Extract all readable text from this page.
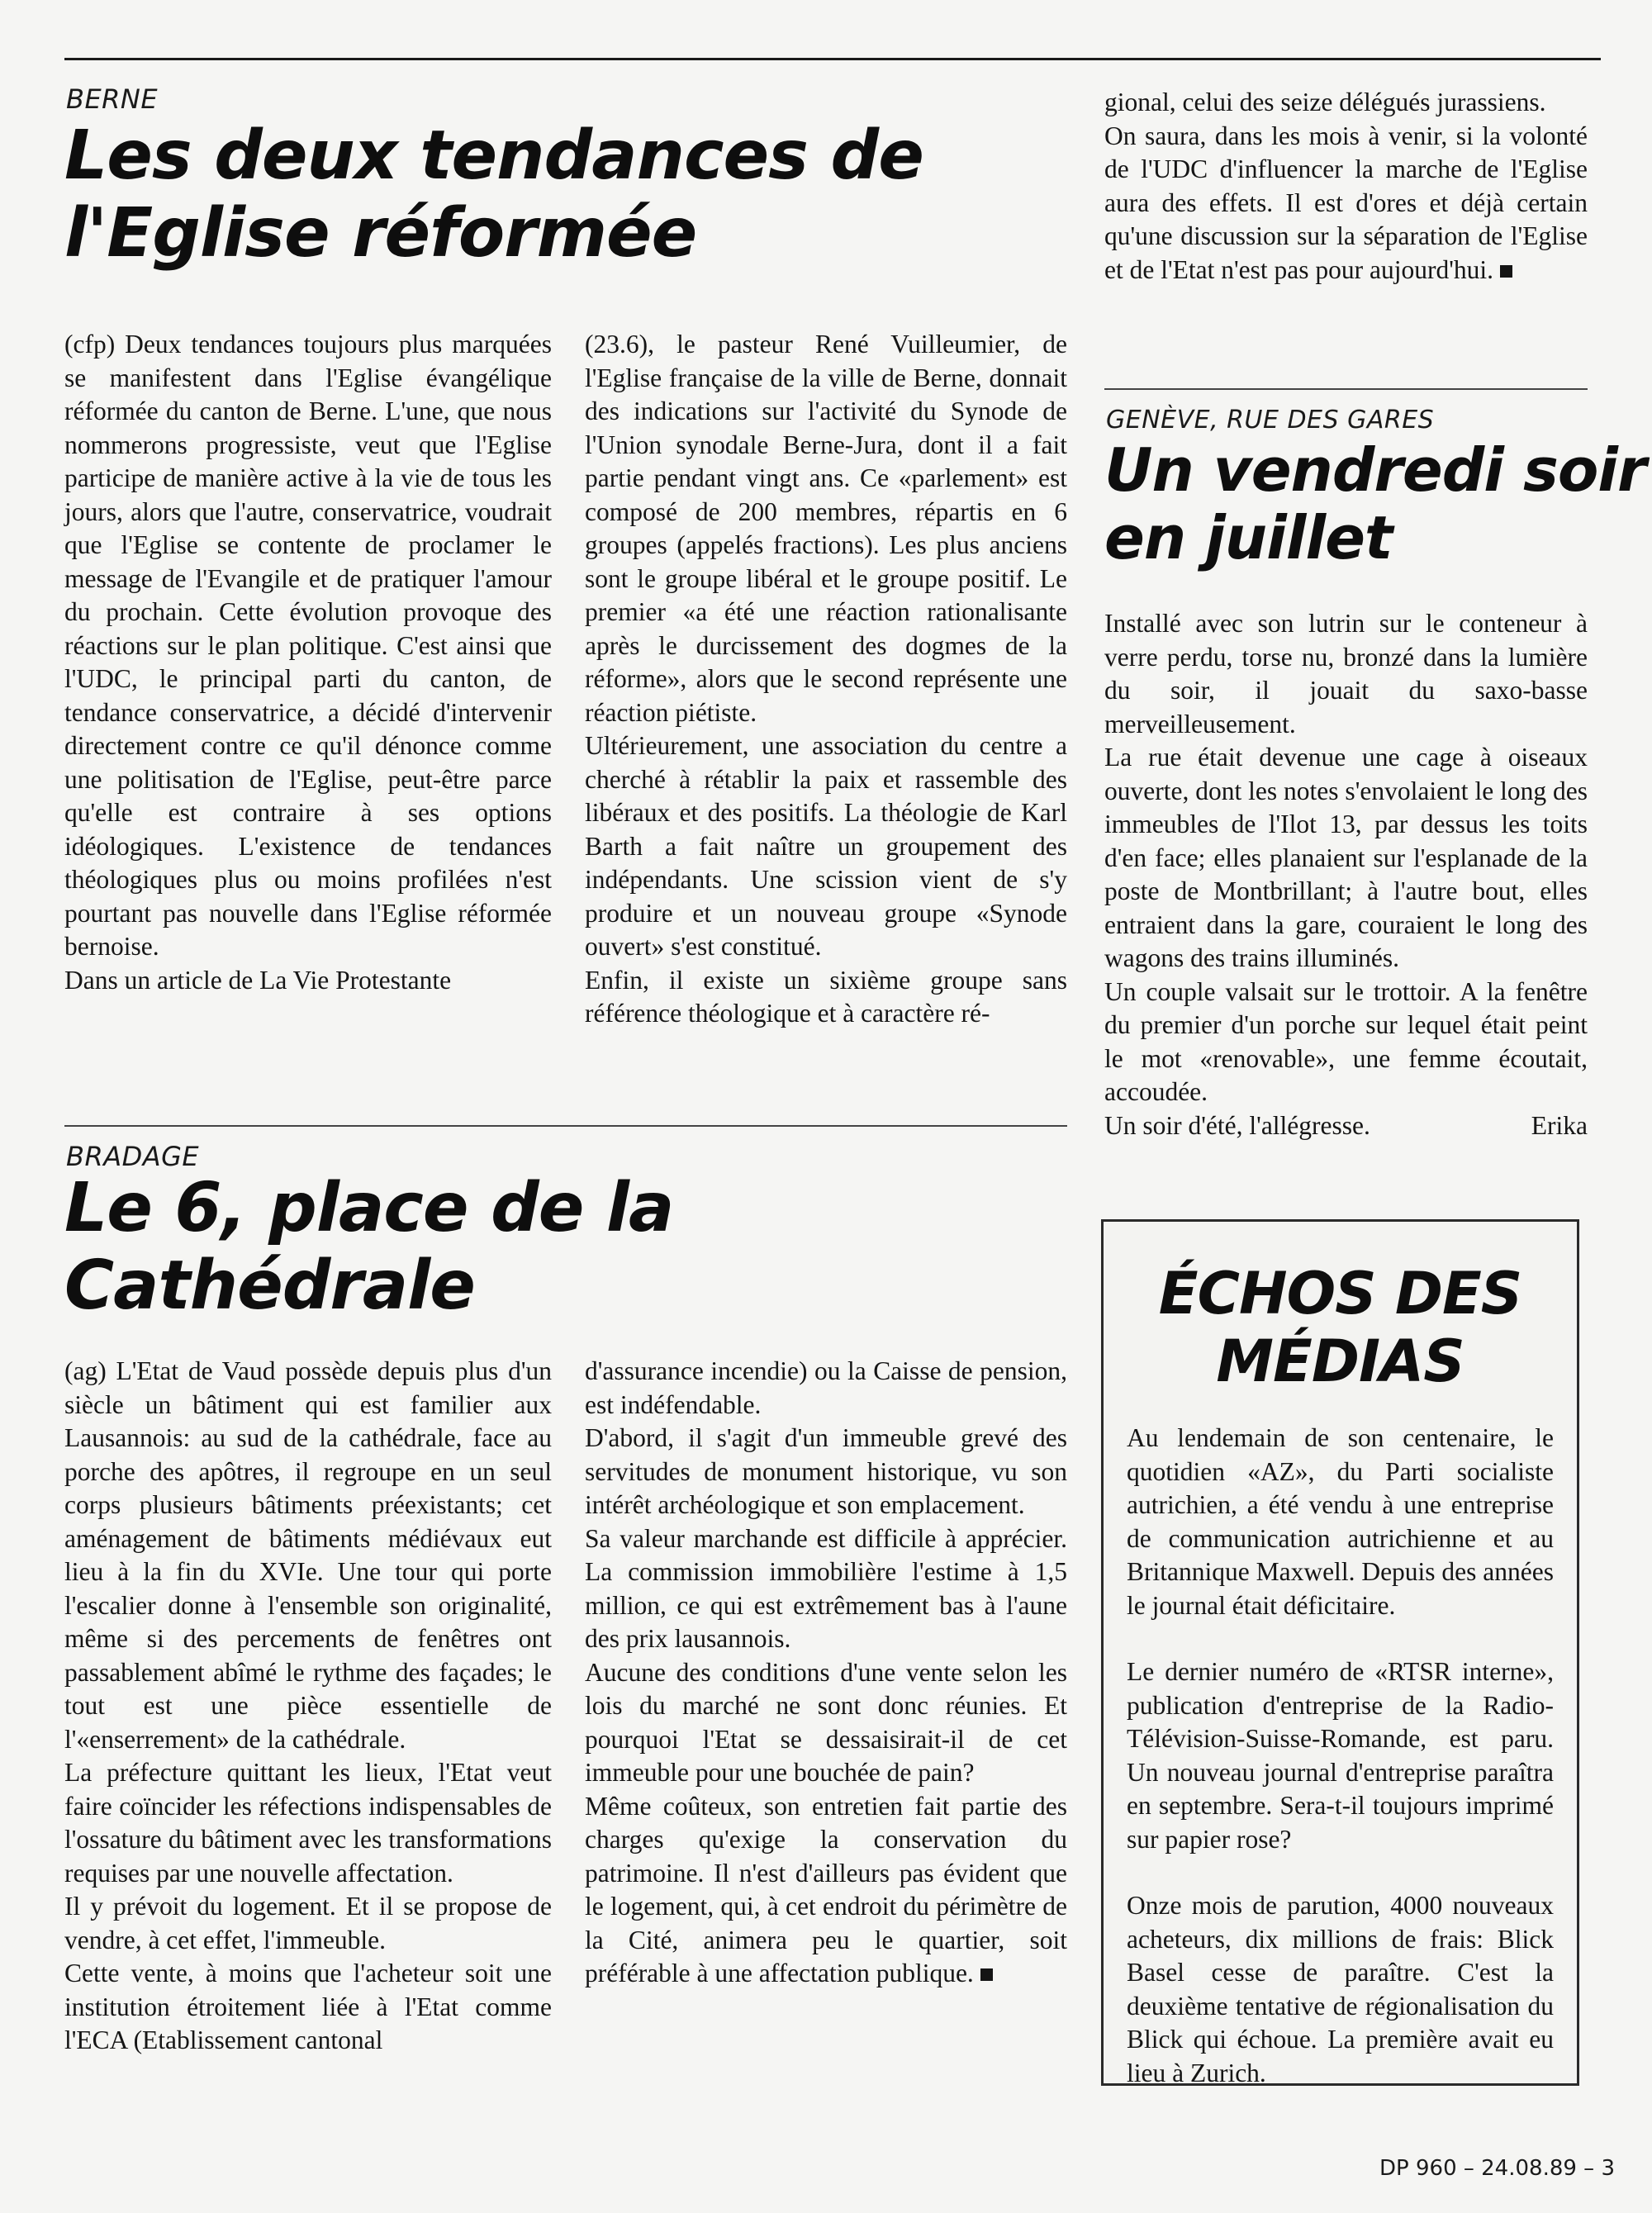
BERNE
Les deux tendances de
l'Eglise réformée

(cfp) Deux tendances toujours plus marquées se manifestent dans l'Eglise évangélique réformée du canton de Berne. L'une, que nous nommerons progressiste, veut que l'Eglise participe de manière active à la vie de tous les jours, alors que l'autre, conservatrice, voudrait que l'Eglise se contente de proclamer le message de l'Evangile et de pratiquer l'amour du prochain. Cette évolution provoque des réactions sur le plan politique. C'est ainsi que l'UDC, le principal parti du canton, de tendance conservatrice, a décidé d'intervenir directement contre ce qu'il dénonce comme une politisation de l'Eglise, peut-être parce qu'elle est contraire à ses options idéologiques. L'existence de tendances théologiques plus ou moins profilées n'est pourtant pas nouvelle dans l'Eglise réformée bernoise.

Dans un article de La Vie Protestante

(23.6), le pasteur René Vuilleumier, de l'Eglise française de la ville de Berne, donnait des indications sur l'activité du Synode de l'Union synodale Berne-Jura, dont il a fait partie pendant vingt ans. Ce «parlement» est composé de 200 membres, répartis en 6 groupes (appelés fractions). Les plus anciens sont le groupe libéral et le groupe positif. Le premier «a été une réaction rationalisante après le durcissement des dogmes de la réforme», alors que le second représente une réaction piétiste.

Ultérieurement, une association du centre a cherché à rétablir la paix et rassemble des libéraux et des positifs. La théologie de Karl Barth a fait naître un groupement des indépendants. Une scission vient de s'y produire et un nouveau groupe «Synode ouvert» s'est constitué.

Enfin, il existe un sixième groupe sans référence théologique et à caractère ré-

gional, celui des seize délégués jurassiens.

On saura, dans les mois à venir, si la volonté de l'UDC d'influencer la marche de l'Eglise aura des effets. Il est d'ores et déjà certain qu'une discussion sur la séparation de l'Eglise et de l'Etat n'est pas pour aujourd'hui.

GENÈVE, RUE DES GARES
Un vendredi soir
en juillet

Installé avec son lutrin sur le conteneur à verre perdu, torse nu, bronzé dans la lumière du soir, il jouait du saxo-basse merveilleusement.

La rue était devenue une cage à oiseaux ouverte, dont les notes s'envolaient le long des immeubles de l'Ilot 13, par dessus les toits d'en face; elles planaient sur l'esplanade de la poste de Montbrillant; à l'autre bout, elles entraient dans la gare, couraient le long des wagons des trains illuminés.

Un couple valsait sur le trottoir. A la fenêtre du premier d'un porche sur lequel était peint le mot «renovable», une femme écoutait, accoudée.

Un soir d'été, l'allégresse.	Erika

BRADAGE
Le 6, place de la
Cathédrale

(ag) L'Etat de Vaud possède depuis plus d'un siècle un bâtiment qui est familier aux Lausannois: au sud de la cathédrale, face au porche des apôtres, il regroupe en un seul corps plusieurs bâtiments préexistants; cet aménagement de bâtiments médiévaux eut lieu à la fin du XVIe. Une tour qui porte l'escalier donne à l'ensemble son originalité, même si des percements de fenêtres ont passablement abîmé le rythme des façades; le tout est une pièce essentielle de l'«enserrement» de la cathédrale.

La préfecture quittant les lieux, l'Etat veut faire coïncider les réfections indispensables de l'ossature du bâtiment avec les transformations requises par une nouvelle affectation.

Il y prévoit du logement. Et il se propose de vendre, à cet effet, l'immeuble.

Cette vente, à moins que l'acheteur soit une institution étroitement liée à l'Etat comme l'ECA (Etablissement cantonal

d'assurance incendie) ou la Caisse de pension, est indéfendable.

D'abord, il s'agit d'un immeuble grevé des servitudes de monument historique, vu son intérêt archéologique et son emplacement.

Sa valeur marchande est difficile à apprécier. La commission immobilière l'estime à 1,5 million, ce qui est extrêmement bas à l'aune des prix lausannois.

Aucune des conditions d'une vente selon les lois du marché ne sont donc réunies. Et pourquoi l'Etat se dessaisirait-il de cet immeuble pour une bouchée de pain?

Même coûteux, son entretien fait partie des charges qu'exige la conservation du patrimoine. Il n'est d'ailleurs pas évident que le logement, qui, à cet endroit du périmètre de la Cité, animera peu le quartier, soit préférable à une affectation publique.

ÉCHOS DES
MÉDIAS

Au lendemain de son centenaire, le quotidien «AZ», du Parti socialiste autrichien, a été vendu à une entreprise de communication autrichienne et au Britannique Maxwell. Depuis des années le journal était déficitaire.

Le dernier numéro de «RTSR interne», publication d'entreprise de la Radio-Télévision-Suisse-Romande, est paru. Un nouveau journal d'entreprise paraîtra en septembre. Sera-t-il toujours imprimé sur papier rose?

Onze mois de parution, 4000 nouveaux acheteurs, dix millions de frais: Blick Basel cesse de paraître. C'est la deuxième tentative de régionalisation du Blick qui échoue. La première avait eu lieu à Zurich.

DP 960 – 24.08.89 – 3
